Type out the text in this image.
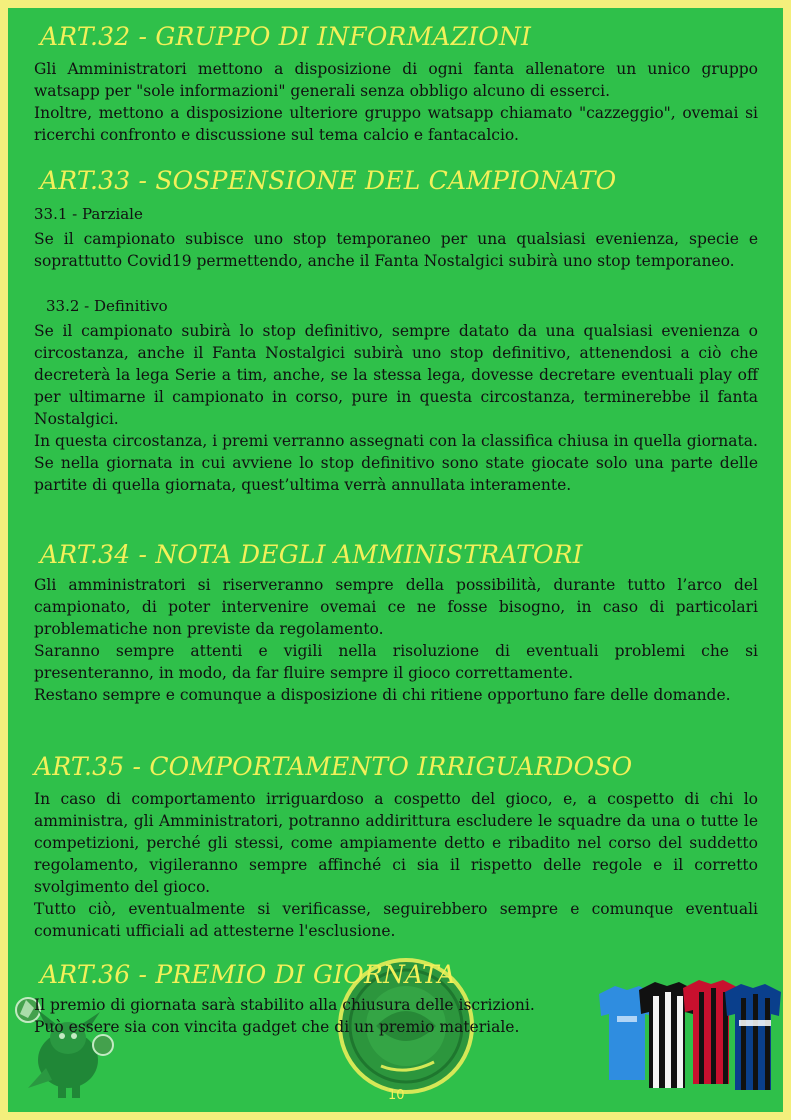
ART.32 - GRUPPO DI INFORMAZIONI

Gli Amministratori mettono a disposizione di ogni fanta allenatore un unico gruppo watsapp per "sole informazioni" generali senza obbligo alcuno di esserci.

Inoltre, mettono a disposizione ulteriore gruppo watsapp chiamato "cazzeggio", ovemai si ricerchi confronto e discussione sul tema calcio e fantacalcio.

ART.33 - SOSPENSIONE DEL CAMPIONATO
33.1 - Parziale

Se il campionato subisce uno stop temporaneo per una qualsiasi evenienza, specie e soprattutto Covid19 permettendo, anche il Fanta Nostalgici subirà uno stop temporaneo.

33.2 - Definitivo

Se il campionato subirà lo stop definitivo, sempre datato da una qualsiasi evenienza o circostanza, anche il Fanta Nostalgici subirà uno stop definitivo, attenendosi a ciò che decreterà la lega Serie a tim, anche, se la stessa lega, dovesse decretare eventuali play off per ultimarne il campionato in corso, pure in questa circostanza, terminerebbe il fanta Nostalgici.

In questa circostanza, i premi verranno assegnati con la classifica chiusa in quella giornata.

Se nella giornata in cui avviene lo stop definitivo sono state giocate solo una parte delle partite di quella giornata, quest’ultima verrà annullata interamente.

ART.34 - NOTA DEGLI AMMINISTRATORI

Gli amministratori si riserveranno sempre della possibilità, durante tutto l’arco del campionato, di poter intervenire ovemai ce ne fosse bisogno, in caso di particolari problematiche non previste da regolamento.

Saranno sempre attenti e vigili nella risoluzione di eventuali problemi che si presenteranno, in modo, da far fluire sempre il gioco correttamente.

Restano sempre e comunque a disposizione di chi ritiene opportuno fare delle domande.

ART.35 - COMPORTAMENTO IRRIGUARDOSO

In caso di comportamento irriguardoso a cospetto del gioco, e, a cospetto di chi lo amministra, gli Amministratori, potranno addirittura escludere le squadre da una o tutte le competizioni, perché gli stessi, come ampiamente detto e ribadito nel corso del suddetto regolamento, vigileranno sempre affinché ci sia il rispetto delle regole e il corretto svolgimento del gioco.

Tutto ciò, eventualmente si verificasse, seguirebbero sempre e comunque eventuali comunicati ufficiali ad attesterne l'esclusione.

ART.36 - PREMIO DI GIORNATA

Il premio di giornata sarà stabilito alla chiusura delle iscrizioni.

Può essere sia con vincita gadget che di un premio materiale.

10
